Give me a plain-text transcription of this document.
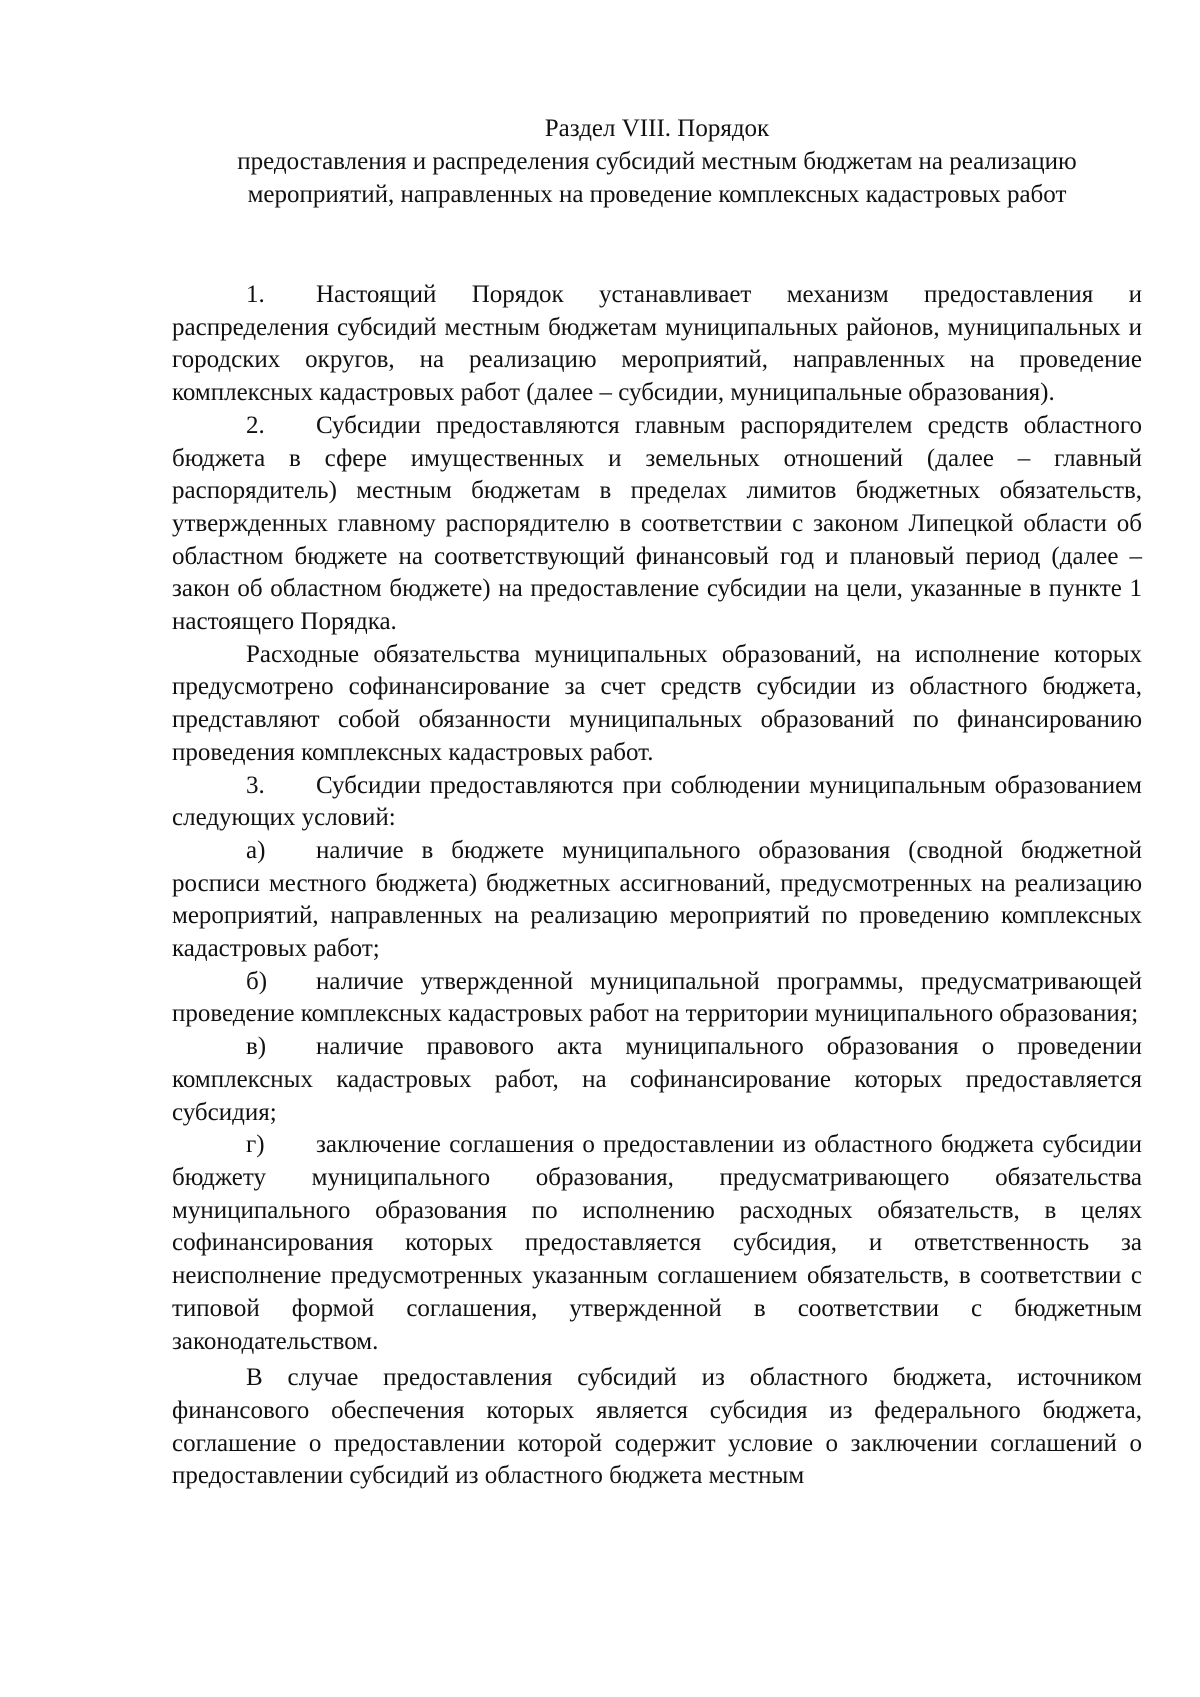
Раздел VIII. Порядок
предоставления и распределения субсидий местным бюджетам на реализацию
мероприятий, направленных на проведение комплексных кадастровых работ

1. Настоящий Порядок устанавливает механизм предоставления и распределения субсидий местным бюджетам муниципальных районов, муниципальных и городских округов, на реализацию мероприятий, направленных на проведение комплексных кадастровых работ (далее – субсидии, муниципальные образования).

2. Субсидии предоставляются главным распорядителем средств областного бюджета в сфере имущественных и земельных отношений (далее – главный распорядитель) местным бюджетам в пределах лимитов бюджетных обязательств, утвержденных главному распорядителю в соответствии с законом Липецкой области об областном бюджете на соответствующий финансовый год и плановый период (далее – закон об областном бюджете) на предоставление субсидии на цели, указанные в пункте 1 настоящего Порядка.

Расходные обязательства муниципальных образований, на исполнение которых предусмотрено софинансирование за счет средств субсидии из областного бюджета, представляют собой обязанности муниципальных образований по финансированию проведения комплексных кадастровых работ.

3. Субсидии предоставляются при соблюдении муниципальным образованием следующих условий:

а) наличие в бюджете муниципального образования (сводной бюджетной росписи местного бюджета) бюджетных ассигнований, предусмотренных на реализацию мероприятий, направленных на реализацию мероприятий по проведению комплексных кадастровых работ;

б) наличие утвержденной муниципальной программы, предусматривающей проведение комплексных кадастровых работ на территории муниципального образования;

в) наличие правового акта муниципального образования о проведении комплексных кадастровых работ, на софинансирование которых предоставляется субсидия;

г) заключение соглашения о предоставлении из областного бюджета субсидии бюджету муниципального образования, предусматривающего обязательства муниципального образования по исполнению расходных обязательств, в целях софинансирования которых предоставляется субсидия, и ответственность за неисполнение предусмотренных указанным соглашением обязательств, в соответствии с типовой формой соглашения, утвержденной в соответствии с бюджетным законодательством.

В случае предоставления субсидий из областного бюджета, источником финансового обеспечения которых является субсидия из федерального бюджета, соглашение о предоставлении которой содержит условие о заключении соглашений о предоставлении субсидий из областного бюджета местным
